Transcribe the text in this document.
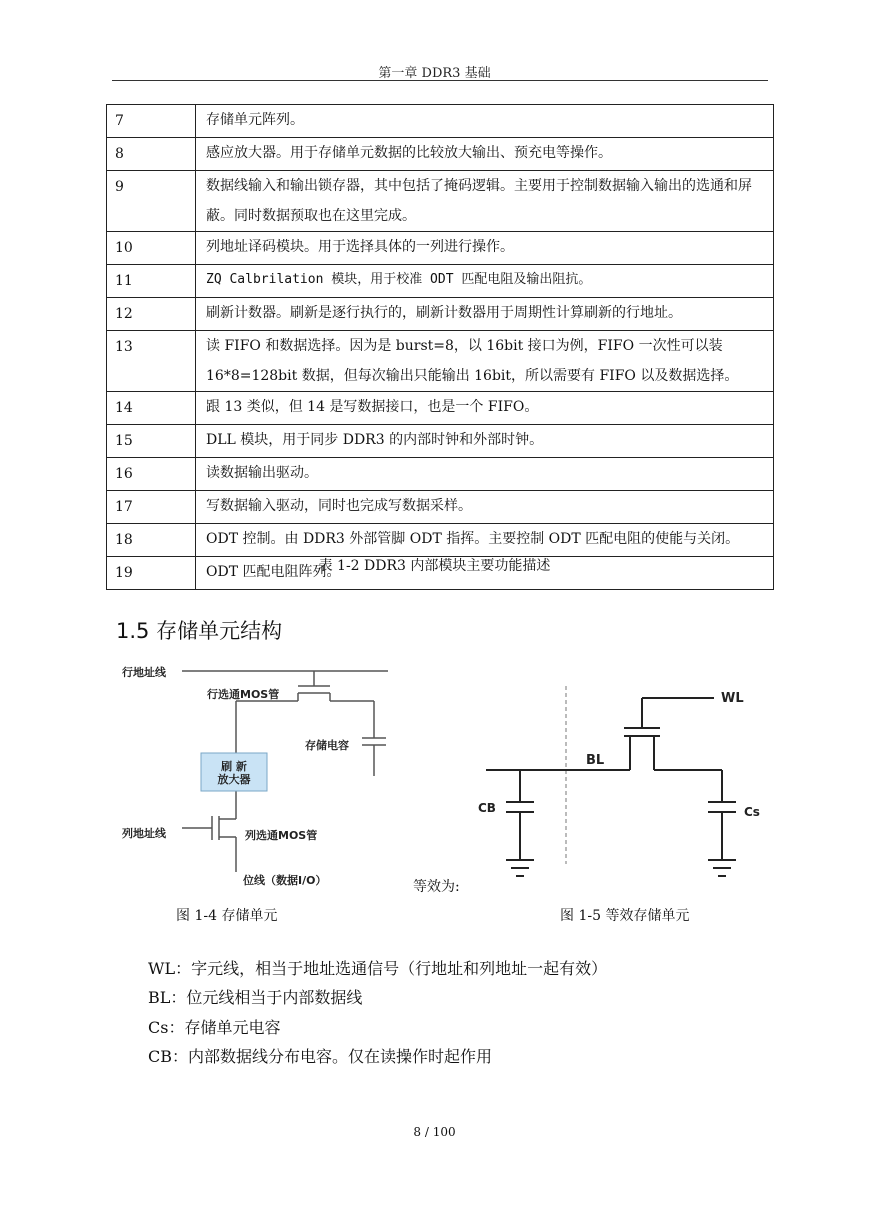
第一章 DDR3 基础
7	存储单元阵列。
8	感应放大器。用于存储单元数据的比较放大输出、预充电等操作。
9	数据线输入和输出锁存器，其中包括了掩码逻辑。主要用于控制数据输入输出的选通和屏蔽。同时数据预取也在这里完成。
10	列地址译码模块。用于选择具体的一列进行操作。
11	ZQ Calbrilation 模块，用于校准 ODT 匹配电阻及输出阻抗。
12	刷新计数器。刷新是逐行执行的，刷新计数器用于周期性计算刷新的行地址。
13	读 FIFO 和数据选择。因为是 burst=8，以 16bit 接口为例，FIFO 一次性可以装16*8=128bit 数据，但每次输出只能输出 16bit，所以需要有 FIFO 以及数据选择。
14	跟 13 类似，但 14 是写数据接口，也是一个 FIFO。
15	DLL 模块，用于同步 DDR3 的内部时钟和外部时钟。
16	读数据输出驱动。
17	写数据输入驱动，同时也完成写数据采样。
18	ODT 控制。由 DDR3 外部管脚 ODT 指挥。主要控制 ODT 匹配电阻的使能与关闭。
19	ODT 匹配电阻阵列。
表 1-2 DDR3 内部模块主要功能描述
1.5 存储单元结构
行地址线
行选通MOS管
存储电容
刷 新
放大器
列地址线	列选通MOS管
位线（数据I/O）	等效为:
WL
BL
CB	Cs
图 1-4 存储单元	图 1-5 等效存储单元
WL：字元线，相当于地址选通信号（行地址和列地址一起有效）
BL：位元线相当于内部数据线
Cs：存储单元电容
CB：内部数据线分布电容。仅在读操作时起作用
8 / 100
